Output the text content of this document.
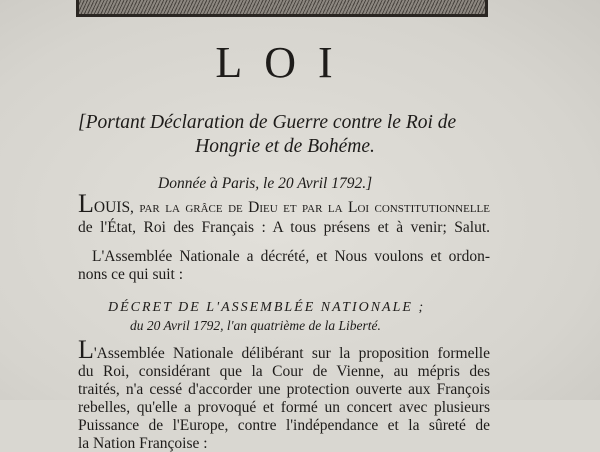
LOI
[Portant Déclaration de Guerre contre le Roi de
Hongrie et de Bohéme.
Donnée à Paris, le 20 Avril 1792.]
LOUIS, par la grâce de Dieu et par la Loi constitutionnelle
de l'État, Roi des Français : A tous présens et à venir; Salut.
L'Assemblée Nationale a décrété, et Nous voulons et ordon-
nons ce qui suit :
DÉCRET DE L'ASSEMBLÉE NATIONALE ;
du 20 Avril 1792, l'an quatrième de la Liberté.
L'Assemblée Nationale délibérant sur la proposition formelle
du Roi, considérant que la Cour de Vienne, au mépris des
traités, n'a cessé d'accorder une protection ouverte aux François
rebelles, qu'elle a provoqué et formé un concert avec plusieurs
Puissance de l'Europe, contre l'indépendance et la sûreté de
la Nation Françoise :
